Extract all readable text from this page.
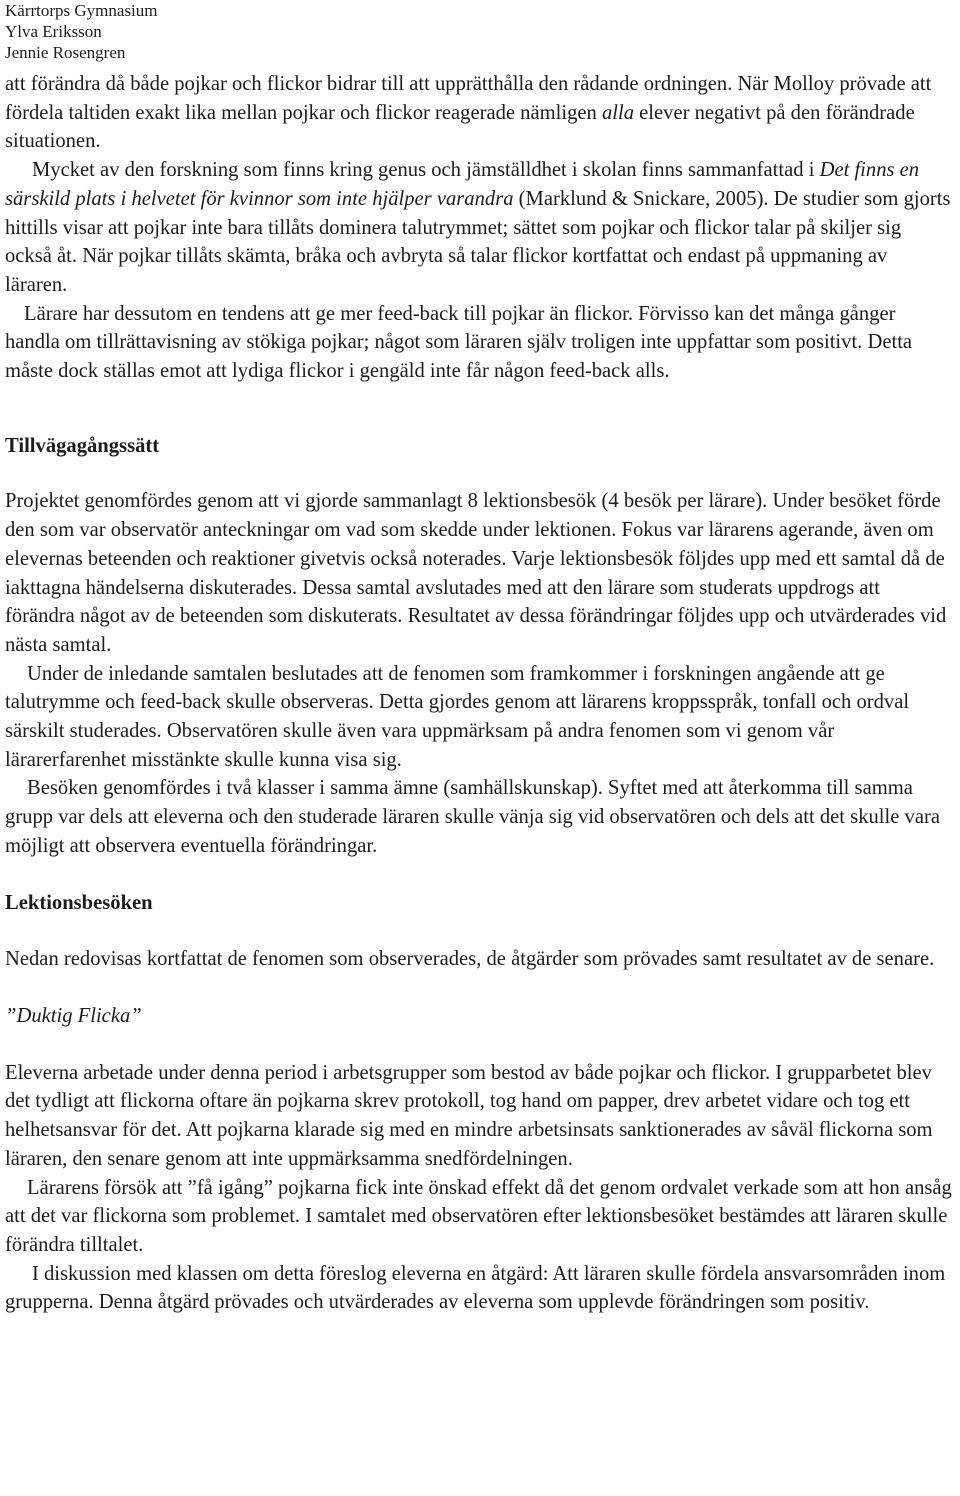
Kärrtorps Gymnasium
Ylva Eriksson
Jennie Rosengren

att förändra då både pojkar och flickor bidrar till att upprätthålla den rådande ordningen. När Molloy prövade att fördela taltiden exakt lika mellan pojkar och flickor reagerade nämligen alla elever negativt på den förändrade situationen.

Mycket av den forskning som finns kring genus och jämställdhet i skolan finns sammanfattad i Det finns en särskild plats i helvetet för kvinnor som inte hjälper varandra (Marklund & Snickare, 2005). De studier som gjorts hittills visar att pojkar inte bara tillåts dominera talutrymmet; sättet som pojkar och flickor talar på skiljer sig också åt. När pojkar tillåts skämta, bråka och avbryta så talar flickor kortfattat och endast på uppmaning av läraren.

Lärare har dessutom en tendens att ge mer feed-back till pojkar än flickor. Förvisso kan det många gånger handla om tillrättavisning av stökiga pojkar; något som läraren själv troligen inte uppfattar som positivt. Detta måste dock ställas emot att lydiga flickor i gengäld inte får någon feed-back alls.

Tillvägagångssätt

Projektet genomfördes genom att vi gjorde sammanlagt 8 lektionsbesök (4 besök per lärare). Under besöket förde den som var observatör anteckningar om vad som skedde under lektionen. Fokus var lärarens agerande, även om elevernas beteenden och reaktioner givetvis också noterades. Varje lektionsbesök följdes upp med ett samtal då de iakttagna händelserna diskuterades. Dessa samtal avslutades med att den lärare som studerats uppdrogs att förändra något av de beteenden som diskuterats. Resultatet av dessa förändringar följdes upp och utvärderades vid nästa samtal.

Under de inledande samtalen beslutades att de fenomen som framkommer i forskningen angående att ge talutrymme och feed-back skulle observeras. Detta gjordes genom att lärarens kroppsspråk, tonfall och ordval särskilt studerades. Observatören skulle även vara uppmärksam på andra fenomen som vi genom vår lärarerfarenhet misstänkte skulle kunna visa sig.

Besöken genomfördes i två klasser i samma ämne (samhällskunskap). Syftet med att återkomma till samma grupp var dels att eleverna och den studerade läraren skulle vänja sig vid observatören och dels att det skulle vara möjligt att observera eventuella förändringar.

Lektionsbesöken

Nedan redovisas kortfattat de fenomen som observerades, de åtgärder som prövades samt resultatet av de senare.

”Duktig Flicka”

Eleverna arbetade under denna period i arbetsgrupper som bestod av både pojkar och flickor. I grupparbetet blev det tydligt att flickorna oftare än pojkarna skrev protokoll, tog hand om papper, drev arbetet vidare och tog ett helhetsansvar för det. Att pojkarna klarade sig med en mindre arbetsinsats sanktionerades av såväl flickorna som läraren, den senare genom att inte uppmärksamma snedfördelningen.

Lärarens försök att ”få igång” pojkarna fick inte önskad effekt då det genom ordvalet verkade som att hon ansåg att det var flickorna som problemet. I samtalet med observatören efter lektionsbesöket bestämdes att läraren skulle förändra tilltalet.

I diskussion med klassen om detta föreslog eleverna en åtgärd: Att läraren skulle fördela ansvarsområden inom grupperna. Denna åtgärd prövades och utvärderades av eleverna som upplevde förändringen som positiv.
